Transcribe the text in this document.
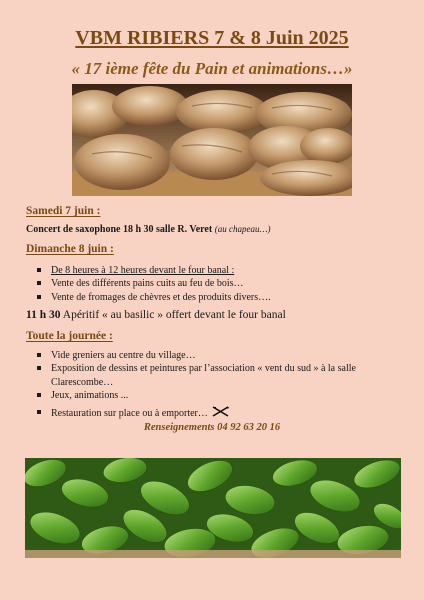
VBM RIBIERS 7 & 8 Juin 2025
« 17 ième fête du Pain et animations…»
Samedi 7 juin :
Concert de saxophone 18 h 30 salle R. Veret (au chapeau…)
Dimanche 8 juin :
De 8 heures à 12 heures devant le four banal :
Vente des différents pains cuits au feu de bois…
Vente de fromages de chèvres et des produits divers….
11 h 30 Apéritif « au basilic » offert devant le four banal
Toute la journée :
Vide greniers au centre du village…
Exposition de dessins et peintures par l’association « vent du sud » à la salle
Clarescombe…
Jeux, animations ...
Restauration sur place ou à emporter…
Renseignements 04 92 63 20 16
